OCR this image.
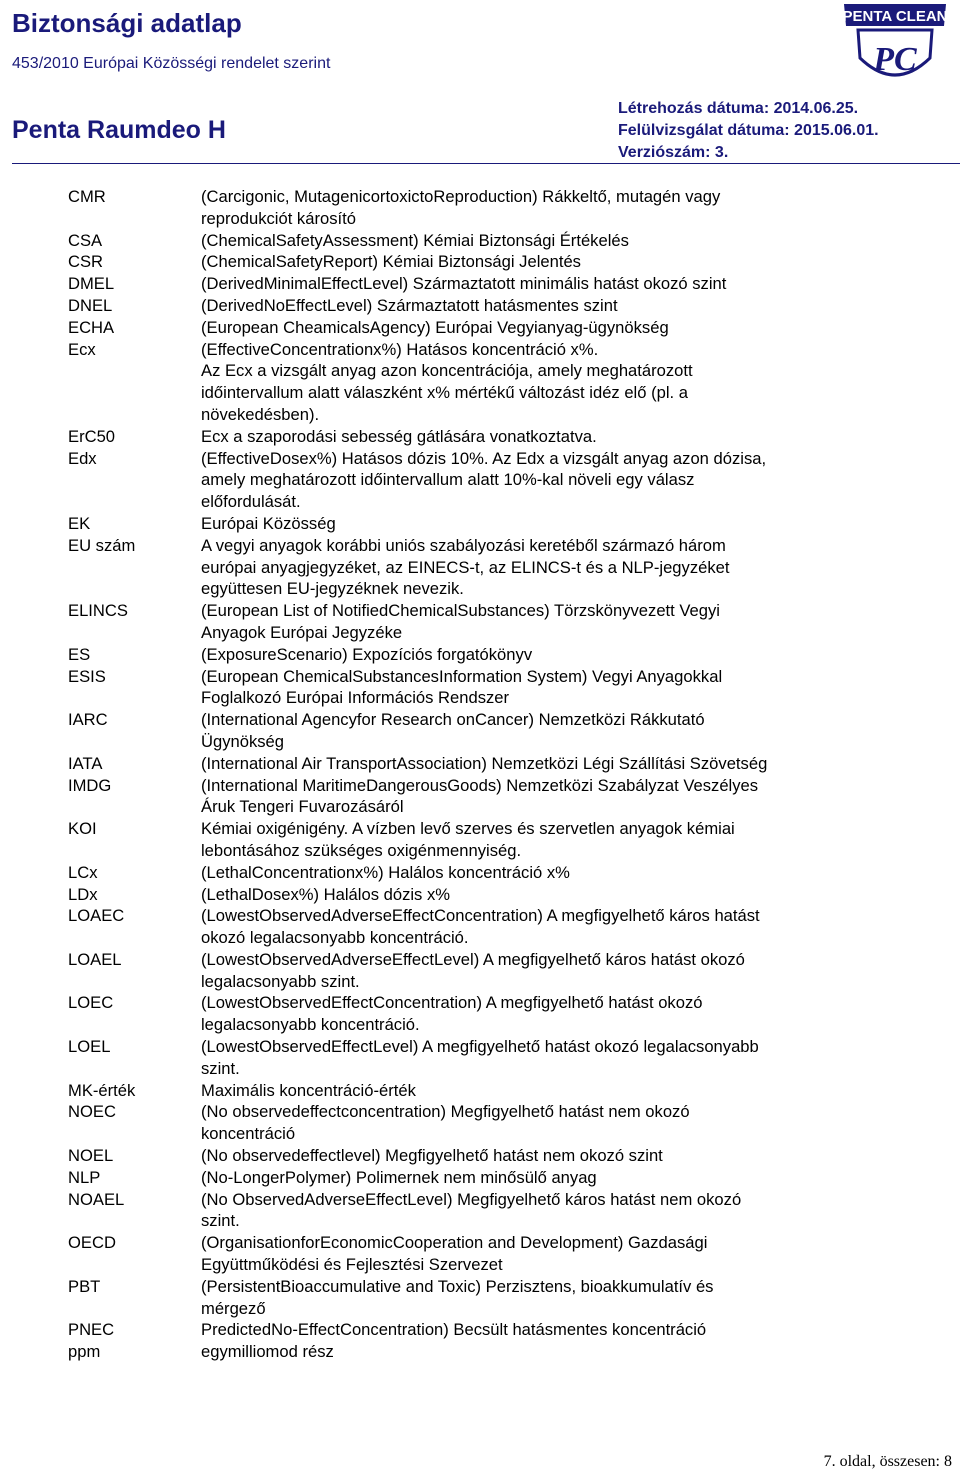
Biztonsági adatlap
453/2010 Európai Közösségi rendelet szerint
Penta Raumdeo H
Létrehozás dátuma: 2014.06.25.
Felülvizsgálat dátuma: 2015.06.01.
Verziószám: 3.
PENTA CLEAN
PC
CMR	(Carcigonic, MutagenicortoxictoReproduction) Rákkeltő, mutagén vagy
reprodukciót károsító
CSA	(ChemicalSafetyAssessment) Kémiai Biztonsági Értékelés
CSR	(ChemicalSafetyReport) Kémiai Biztonsági Jelentés
DMEL	(DerivedMinimalEffectLevel) Származtatott minimális hatást okozó szint
DNEL	(DerivedNoEffectLevel) Származtatott hatásmentes szint
ECHA	(European CheamicalsAgency) Európai Vegyianyag-ügynökség
Ecx	(EffectiveConcentrationx%) Hatásos koncentráció x%.
Az Ecx a vizsgált anyag azon koncentrációja, amely meghatározott
időintervallum alatt válaszként x% mértékű változást idéz elő (pl. a
növekedésben).
ErC50	Ecx a szaporodási sebesség gátlására vonatkoztatva.
Edx	(EffectiveDosex%) Hatásos dózis 10%. Az Edx a vizsgált anyag azon dózisa,
amely meghatározott időintervallum alatt 10%-kal növeli egy válasz
előfordulását.
EK	Európai Közösség
EU szám	A vegyi anyagok korábbi uniós szabályozási keretéből származó három
európai anyagjegyzéket, az EINECS-t, az ELINCS-t és a NLP-jegyzéket
együttesen EU-jegyzéknek nevezik.
ELINCS	(European List of NotifiedChemicalSubstances) Törzskönyvezett Vegyi
Anyagok Európai Jegyzéke
ES	(ExposureScenario) Expozíciós forgatókönyv
ESIS	(European ChemicalSubstancesInformation System) Vegyi Anyagokkal
Foglalkozó Európai Információs Rendszer
IARC	(International Agencyfor Research onCancer) Nemzetközi Rákkutató
Ügynökség
IATA	(International Air TransportAssociation) Nemzetközi Légi Szállítási Szövetség
IMDG	(International MaritimeDangerousGoods) Nemzetközi Szabályzat Veszélyes
Áruk Tengeri Fuvarozásáról
KOI	Kémiai oxigénigény. A vízben levő szerves és szervetlen anyagok kémiai
lebontásához szükséges oxigénmennyiség.
LCx	(LethalConcentrationx%) Halálos koncentráció x%
LDx	(LethalDosex%) Halálos dózis x%
LOAEC	(LowestObservedAdverseEffectConcentration) A megfigyelhető káros hatást
okozó legalacsonyabb koncentráció.
LOAEL	(LowestObservedAdverseEffectLevel) A megfigyelhető káros hatást okozó
legalacsonyabb szint.
LOEC	(LowestObservedEffectConcentration) A megfigyelhető hatást okozó
legalacsonyabb koncentráció.
LOEL	(LowestObservedEffectLevel) A megfigyelhető hatást okozó legalacsonyabb
szint.
MK-érték	Maximális koncentráció-érték
NOEC	(No observedeffectconcentration) Megfigyelhető hatást nem okozó
koncentráció
NOEL	(No observedeffectlevel) Megfigyelhető hatást nem okozó szint
NLP	(No-LongerPolymer) Polimernek nem minősülő anyag
NOAEL	(No ObservedAdverseEffectLevel) Megfigyelhető káros hatást nem okozó
szint.
OECD	(OrganisationforEconomicCooperation and Development) Gazdasági
Együttműködési és Fejlesztési Szervezet
PBT	(PersistentBioaccumulative and Toxic) Perzisztens, bioakkumulatív és
mérgező
PNEC	PredictedNo-EffectConcentration) Becsült hatásmentes koncentráció
ppm	egymilliomod rész
7. oldal, összesen: 8
